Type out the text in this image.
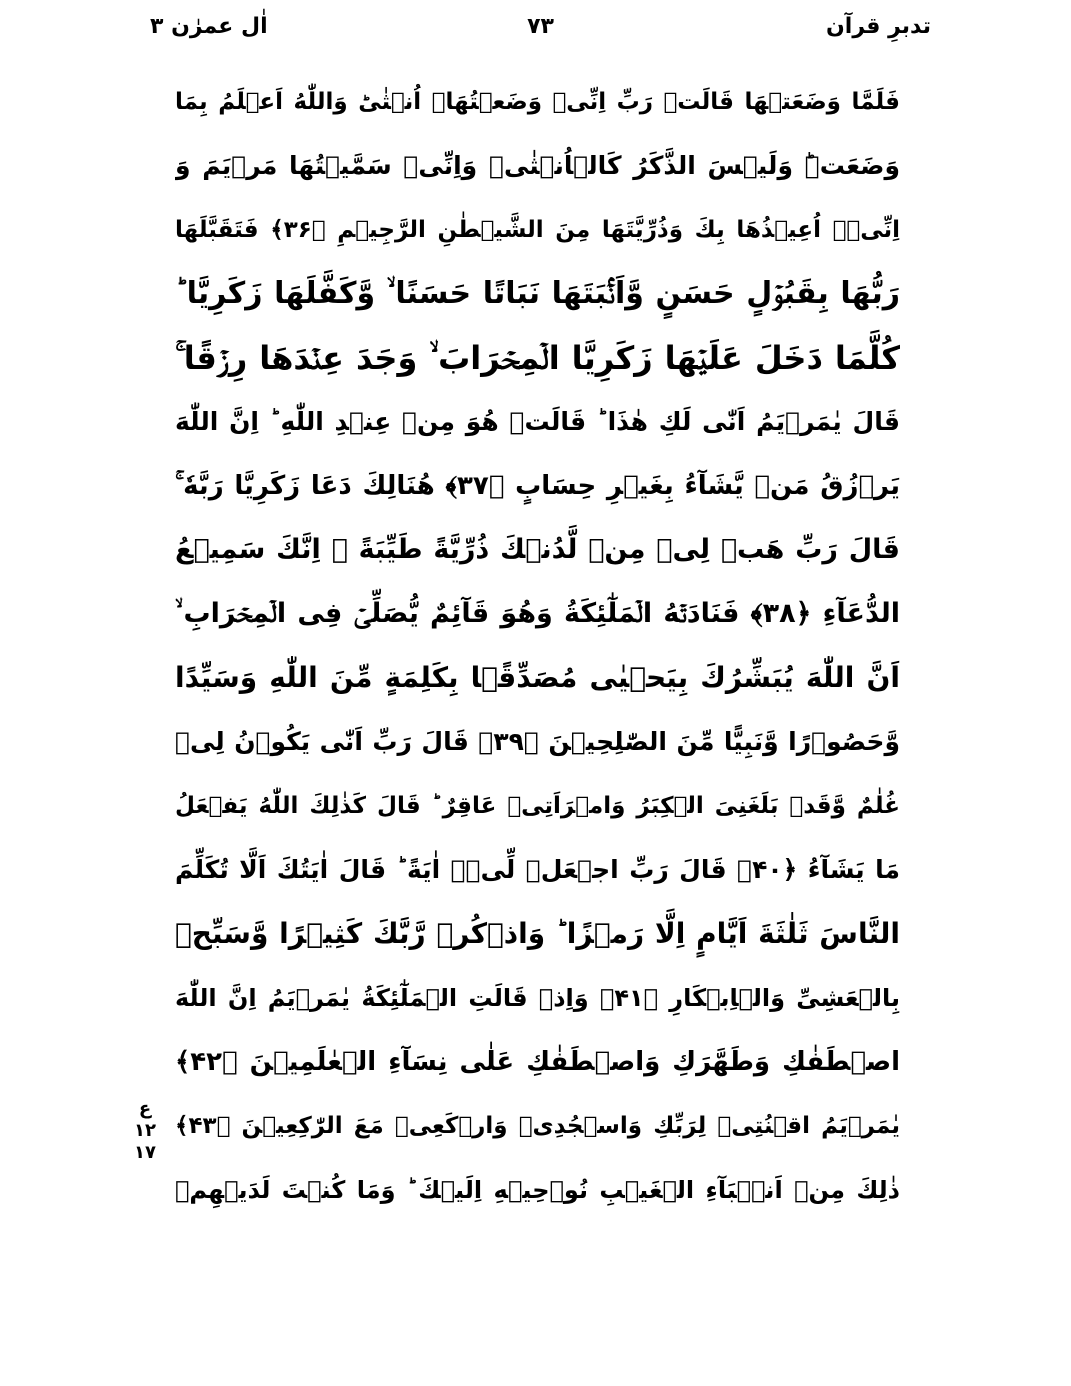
تدبرِ قرآن
۷۳
اٰل عمرٰن ۳
فَلَمَّا وَضَعَتۡهَا قَالَتۡ رَبِّ اِنِّیۡ وَضَعۡتُهَاۤ اُنۡثٰیؕ وَاللّٰهُ اَعۡلَمُ بِمَا
وَضَعَتۡؕ وَلَیۡسَ الذَّكَرُ كَالۡاُنۡثٰیۚ وَاِنِّیۡ سَمَّیۡتُهَا مَرۡیَمَ وَ
اِنِّیۡۤ اُعِیۡذُهَا بِكَ وَذُرِّیَّتَهَا مِنَ الشَّیۡطٰنِ الرَّجِیۡمِ ﴿۳۶﴾ فَتَقَبَّلَهَا
رَبُّهَا بِقَبُوۡلٍ حَسَنٍ وَّاَنۡۢبَتَهَا نَبَاتًا حَسَنًا ۙ وَّكَفَّلَهَا زَكَرِیَّا ؕ
كُلَّمَا دَخَلَ عَلَیۡهَا زَكَرِیَّا الۡمِحۡرَابَ ۙ وَجَدَ عِنۡدَهَا رِزۡقًا ۚ
قَالَ یٰمَرۡیَمُ اَنّٰی لَكِ هٰذَا ؕ قَالَتۡ هُوَ مِنۡ عِنۡدِ اللّٰهِ ؕ اِنَّ اللّٰهَ
یَرۡزُقُ مَنۡ یَّشَآءُ بِغَیۡرِ حِسَابٍ ﴿۳۷﴾ هُنَالِكَ دَعَا زَكَرِیَّا رَبَّهٗ ۚ
قَالَ رَبِّ هَبۡ لِیۡ مِنۡ لَّدُنۡكَ ذُرِّیَّةً طَیِّبَةً ۚ اِنَّكَ سَمِیۡعُ
الدُّعَآءِ ﴿۳۸﴾ فَنَادَتۡهُ الۡمَلٰٓئِكَةُ وَهُوَ قَآئِمٌ یُّصَلِّیۡ فِی الۡمِحۡرَابِ ۙ
اَنَّ اللّٰهَ یُبَشِّرُكَ بِیَحۡیٰی مُصَدِّقًۢا بِكَلِمَةٍ مِّنَ اللّٰهِ وَسَیِّدًا
وَّحَصُوۡرًا وَّنَبِیًّا مِّنَ الصّٰلِحِیۡنَ ﴿۳۹﴾ قَالَ رَبِّ اَنّٰی یَكُوۡنُ لِیۡ
غُلٰمٌ وَّقَدۡ بَلَغَنِیَ الۡكِبَرُ وَامۡرَاَتِیۡ عَاقِرٌ ؕ قَالَ كَذٰلِكَ اللّٰهُ یَفۡعَلُ
مَا یَشَآءُ ﴿۴۰﴾ قَالَ رَبِّ اجۡعَلۡ لِّیۡۤ اٰیَةً ؕ قَالَ اٰیَتُكَ اَلَّا تُكَلِّمَ
النَّاسَ ثَلٰثَةَ اَیَّامٍ اِلَّا رَمۡزًا ؕ وَاذۡكُرۡ رَّبَّكَ كَثِیۡرًا وَّسَبِّحۡ
بِالۡعَشِیِّ وَالۡاِبۡكَارِ ﴿۴۱﴾ وَاِذۡ قَالَتِ الۡمَلٰٓئِكَةُ یٰمَرۡیَمُ اِنَّ اللّٰهَ
اصۡطَفٰكِ وَطَهَّرَكِ وَاصۡطَفٰكِ عَلٰی نِسَآءِ الۡعٰلَمِیۡنَ ﴿۴۲﴾
یٰمَرۡیَمُ اقۡنُتِیۡ لِرَبِّكِ وَاسۡجُدِیۡ وَارۡكَعِیۡ مَعَ الرّٰكِعِیۡنَ ﴿۴۳﴾
ذٰلِكَ مِنۡ اَنۡۢبَآءِ الۡغَیۡبِ نُوۡحِیۡهِ اِلَیۡكَ ؕ وَمَا كُنۡتَ لَدَیۡهِمۡ
ع
۱۲
۱۷
